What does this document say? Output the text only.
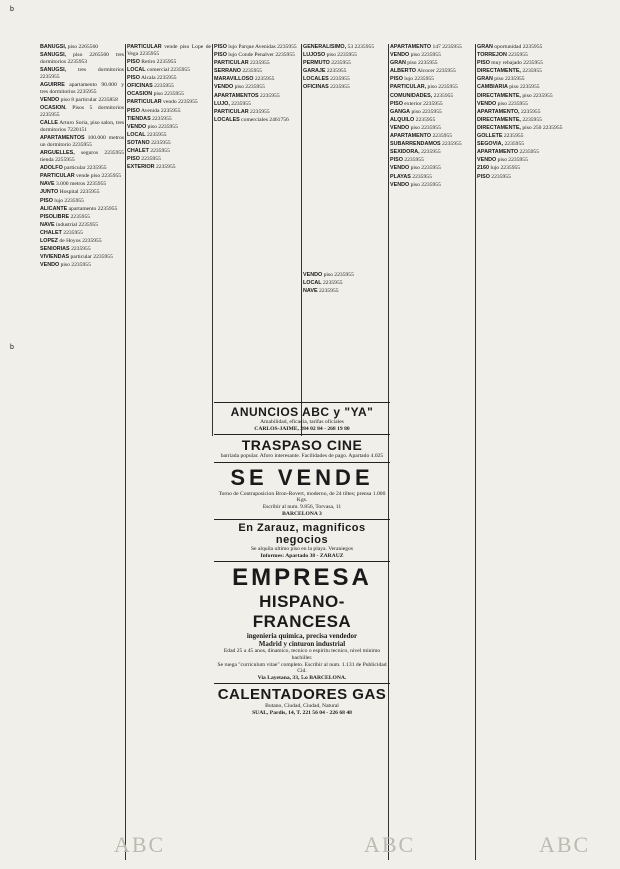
b
b
BANUGSI, piso 2265560
SANUGSI, piso 2265560 tres dormitorios 2235953
SANUGSI, tres dormitorios 2235955
AGUIRRE apartamento 90.000 y tres dormitorios 2235955
VENDO piso 8 particular 2235858
OCASION. Pisos 5 dormitorios 2235955
CALLE Arturo Soria, piso salon, tres dormitorios 7220151
APARTAMENTOS 100.000 metros un dormitorio 2235955
ARGUELLES, seguros 2235955 tienda 2255955
ADOLFO particular 2235955
PARTICULAR vende piso 2235955
NAVE 3.000 metros 2235955
JUNTO Hospital 2235955
PISO lujo 2235955
ALICANTE apartamento 2235955
PISOLIBRE 2235955
NAVE industrial 2235955
CHALET 2235955
LOPEZ de Hoyos 2235955
SENIORIAS 2235955
VIVIENDAS particular 2235955
VENDO piso 2235955
PARTICULAR vende piso Lope de Vega 2235955
PISO Retiro 2235955
LOCAL comercial 2235955
PISO Alcala 2235955
OFICINAS 2235955
OCASION piso 2235955
PARTICULAR vendo 2235955
PISO Avenida 2235955
TIENDAS 2235955
VENDO piso 2235955
LOCAL 2235955
SOTANO 2235955
CHALET 2235955
PISO 2235955
EXTERIOR 2235955
PISO lujo Parque Avenidas 2235955
PISO lujo Conde Penalver 2235955
PARTICULAR 2235955
SERRANO 2235955
MARAVILLOSO 2235955
VENDO piso 2235955
APARTAMENTOS 2235955
LUJO, 2235955
PARTICULAR 2235955
LOCALES comerciales 2461756
GENERALISIMO, 53 2235955
LUJOSO piso 2235955
PERMUTO 2235955
GARAJE 2235955
LOCALES 2235955
OFICINAS 2235955
VENDO piso 2235955
LOCAL 2235955
NAVE 2235955
APARTAMENTO 147 2235955
VENDO piso 2235955
GRAN piso 2235955
ALBERTO Alcocer 2235955
PISO lujo 2235955
PARTICULAR, piso 2235955
COMUNIDADES, 2235955
PISO exterior 2235955
GANGA piso 2235955
ALQUILO 2235955
VENDO piso 2235955
APARTAMENTO 2235955
SUBARRENDAMOS 2235955
SEXIDORA, 2235955
PISO 2235955
VENDO piso 2235955
PLAYAS 2235955
VENDO piso 2235955
GRAN oportunidad 2235955
TORREJON 2235955
PISO muy rebajado 2235955
DIRECTAMENTE, 2235955
GRAN piso 2235955
CAMBIARIA piso 2235955
DIRECTAMENTE, piso 2235955
VENDO piso 2235955
APARTAMENTO, 2235955
DIRECTAMENTE, 2235955
DIRECTAMENTE, piso 250 2235955
GOLLETE 2235955
SEGOVIA, 2235955
APARTAMENTO 2235955
VENDO piso 2235955
2160 lujo 2235955
PISO 2235955
ANUNCIOS ABC y "YA"
Amabilidad, eficacia, tarifas oficiales
CARLOS-JAIME, 284 02 84 - 268 19 80
TRASPASO CINE
barriada popular. Aforo interesante. Facilidades de pago. Apartado 4.025
SE VENDE
Torno de Contraposicion Bron-Rovert, moderno, de 24 tiltes; prensa 1.000 Kgs.
Escribir al num. 9.856, Torvasa, 11
BARCELONA 3
En Zarauz, magnificos negocios
Se alquila ultimo piso en la playa. Veraniegos
Informes: Apartado 38 - ZARAUZ
EMPRESA
HISPANO-FRANCESA
ingenieria quimica, precisa vendedor
Madrid y cinturon industrial
Edad 25 a 45 anos, dinamico, tecnico o espiritu tecnico, nivel minimo bachiller.
Se ruega "curriculum vitae" completo. Escribir al num. 1.131 de Publicidad Cid.
Via Layetana, 33, 5.o BARCELONA.
CALENTADORES GAS
Butano, Ciudad, Ciudad, Natural
SUAL, Pardis, 14, T. 221 56 04 - 226 68 48
ABC	ABC	ABC
